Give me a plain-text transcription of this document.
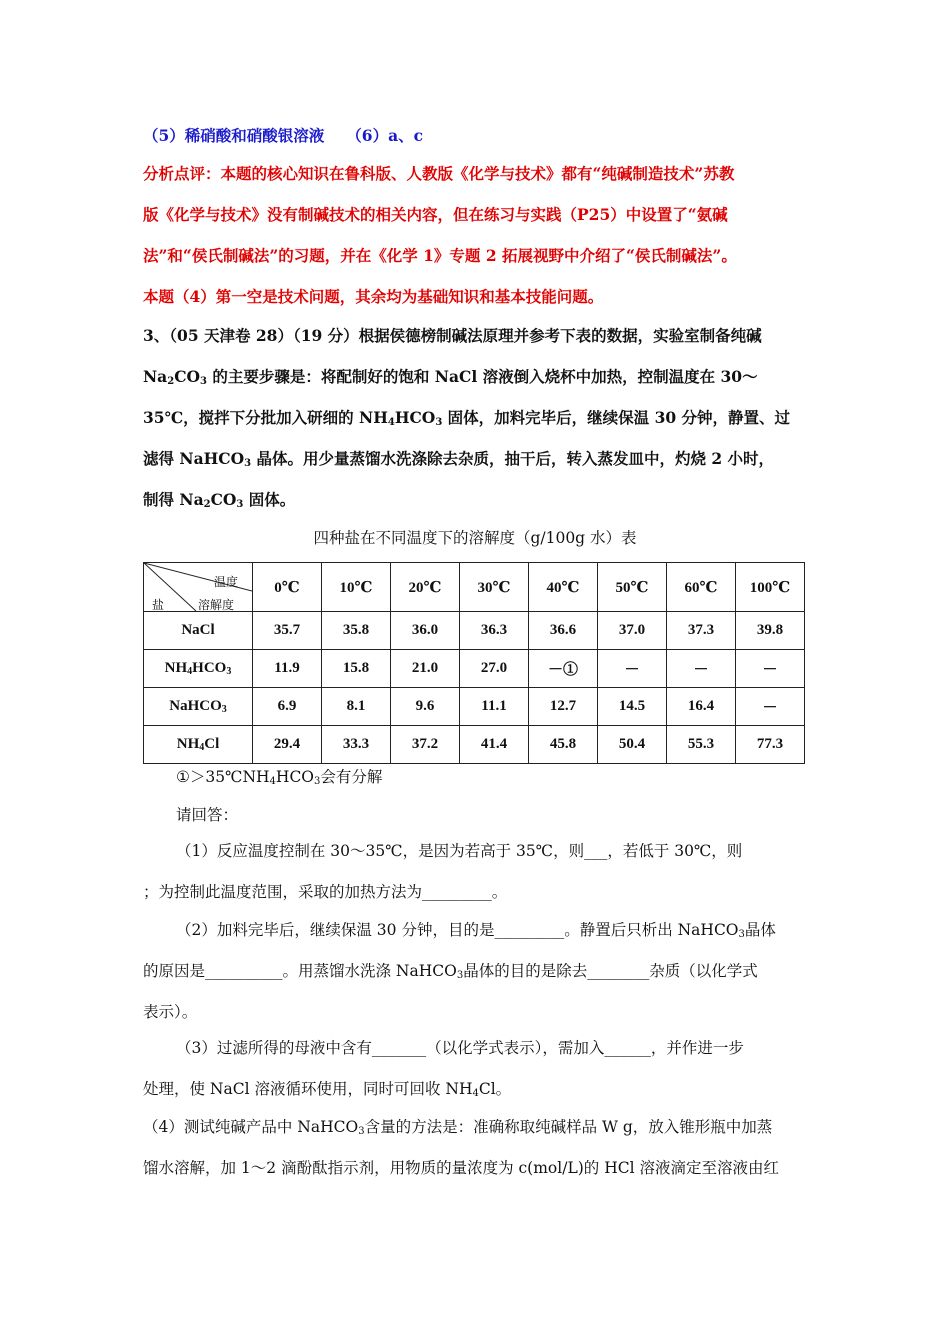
（5）稀硝酸和硝酸银溶液 （6）a、c
分析点评：本题的核心知识在鲁科版、人教版《化学与技术》都有“纯碱制造技术”苏教
版《化学与技术》没有制碱技术的相关内容，但在练习与实践（P25）中设置了“氨碱
法”和“侯氏制碱法”的习题，并在《化学 1》专题 2 拓展视野中介绍了“侯氏制碱法”。
本题（4）第一空是技术问题，其余均为基础知识和基本技能问题。
3、（05 天津卷 28）（19 分）根据侯德榜制碱法原理并参考下表的数据，实验室制备纯碱
$Na_2CO_3$ 的主要步骤是：将配制好的饱和 NaCl 溶液倒入烧杯中加热，控制温度在 30～
35℃，搅拌下分批加入研细的 $NH_4HCO_3$ 固体，加料完毕后，继续保温 30 分钟，静置、过
滤得 NaHCO$_3$ 晶体。用少量蒸馏水洗涤除去杂质，抽干后，转入蒸发皿中，灼烧 2 小时，
制得 $Na_2CO_3$ 固体。
四种盐在不同温度下的溶解度（g/100g 水）表
温度
盐 溶解度	0℃	10℃	20℃	30℃	40℃	50℃	60℃	100℃
NaCl	35.7	35.8	36.0	36.3	36.6	37.0	37.3	39.8
$NH_4HCO_3$	11.9	15.8	21.0	27.0	－①	－	－	－
NaHCO$_3$	6.9	8.1	9.6	11.1	12.7	14.5	16.4	－
$NH_4Cl$	29.4	33.3	37.2	41.4	45.8	50.4	55.3	77.3
$①>35℃NH_4HCO_3$会有分解
请回答：
（1）反应温度控制在 30～35℃，是因为若高于 35℃，则___，若低于 30℃，则
；为控制此温度范围，采取的加热方法为_________。
（2）加料完毕后，继续保温 30 分钟，目的是_________。静置后只析出 NaHCO$_3$晶体
的原因是__________。用蒸馏水洗涤 NaHCO$_3$晶体的目的是除去________杂质（以化学式
表示）。
（3）过滤所得的母液中含有_______（以化学式表示），需加入______，并作进一步
处理，使 NaCl 溶液循环使用，同时可回收 $NH_4Cl$。
（4）测试纯碱产品中 NaHCO$_3$含量的方法是：准确称取纯碱样品 W g，放入锥形瓶中加蒸
馏水溶解，加 1～2 滴酚酞指示剂，用物质的量浓度为 c(mol/L)的 HCl 溶液滴定至溶液由红
